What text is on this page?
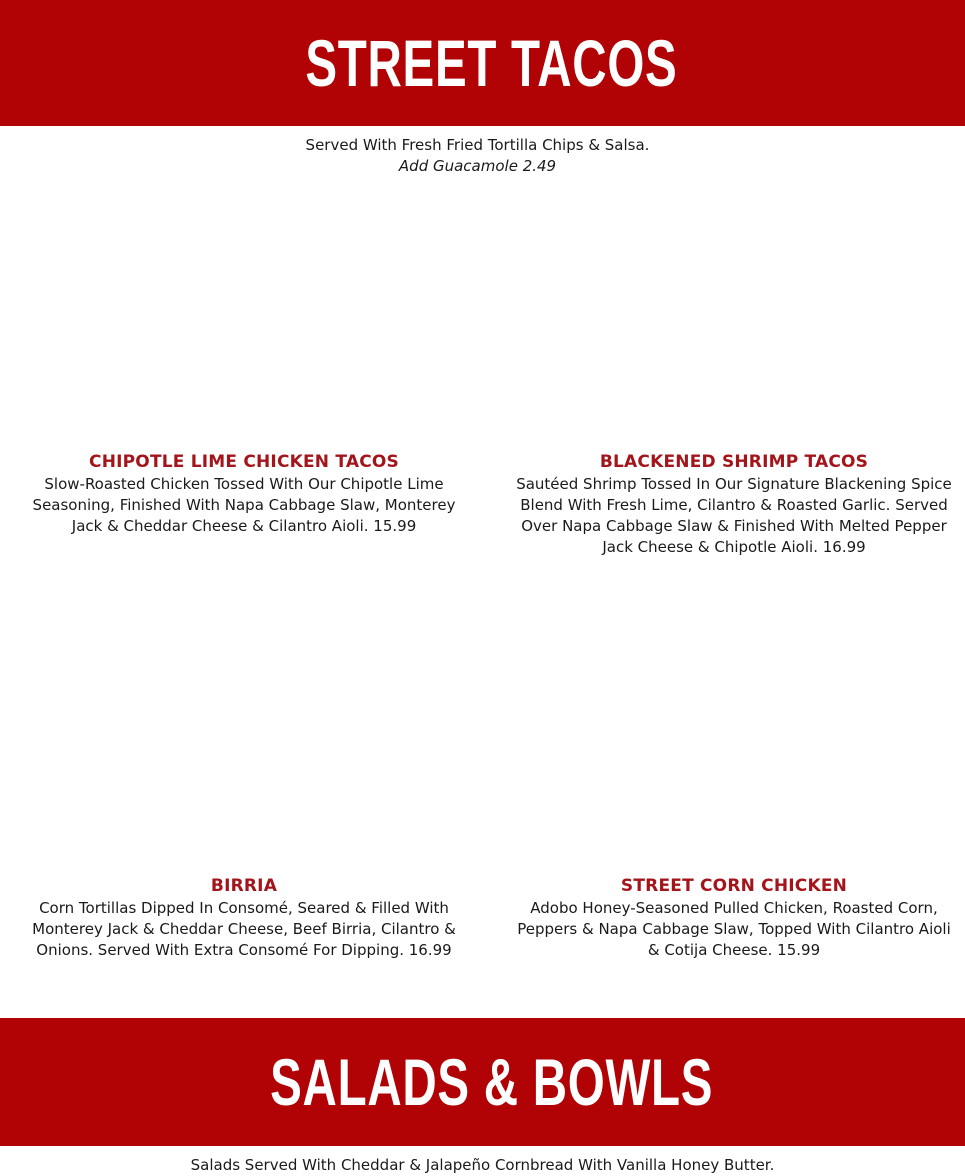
STREET TACOS
Served With Fresh Fried Tortilla Chips & Salsa.
Add Guacamole 2.49
CHIPOTLE LIME CHICKEN TACOS
Slow-Roasted Chicken Tossed With Our Chipotle Lime Seasoning, Finished With Napa Cabbage Slaw, Monterey Jack & Cheddar Cheese & Cilantro Aioli. 15.99
BLACKENED SHRIMP TACOS
Sautéed Shrimp Tossed In Our Signature Blackening Spice Blend With Fresh Lime, Cilantro & Roasted Garlic. Served Over Napa Cabbage Slaw & Finished With Melted Pepper Jack Cheese & Chipotle Aioli. 16.99
BIRRIA
Corn Tortillas Dipped In Consomé, Seared & Filled With Monterey Jack & Cheddar Cheese, Beef Birria, Cilantro & Onions. Served With Extra Consomé For Dipping. 16.99
STREET CORN CHICKEN
Adobo Honey-Seasoned Pulled Chicken, Roasted Corn, Peppers & Napa Cabbage Slaw, Topped With Cilantro Aioli & Cotija Cheese. 15.99
SALADS & BOWLS
Salads Served With Cheddar & Jalapeño Cornbread With Vanilla Honey Butter.
